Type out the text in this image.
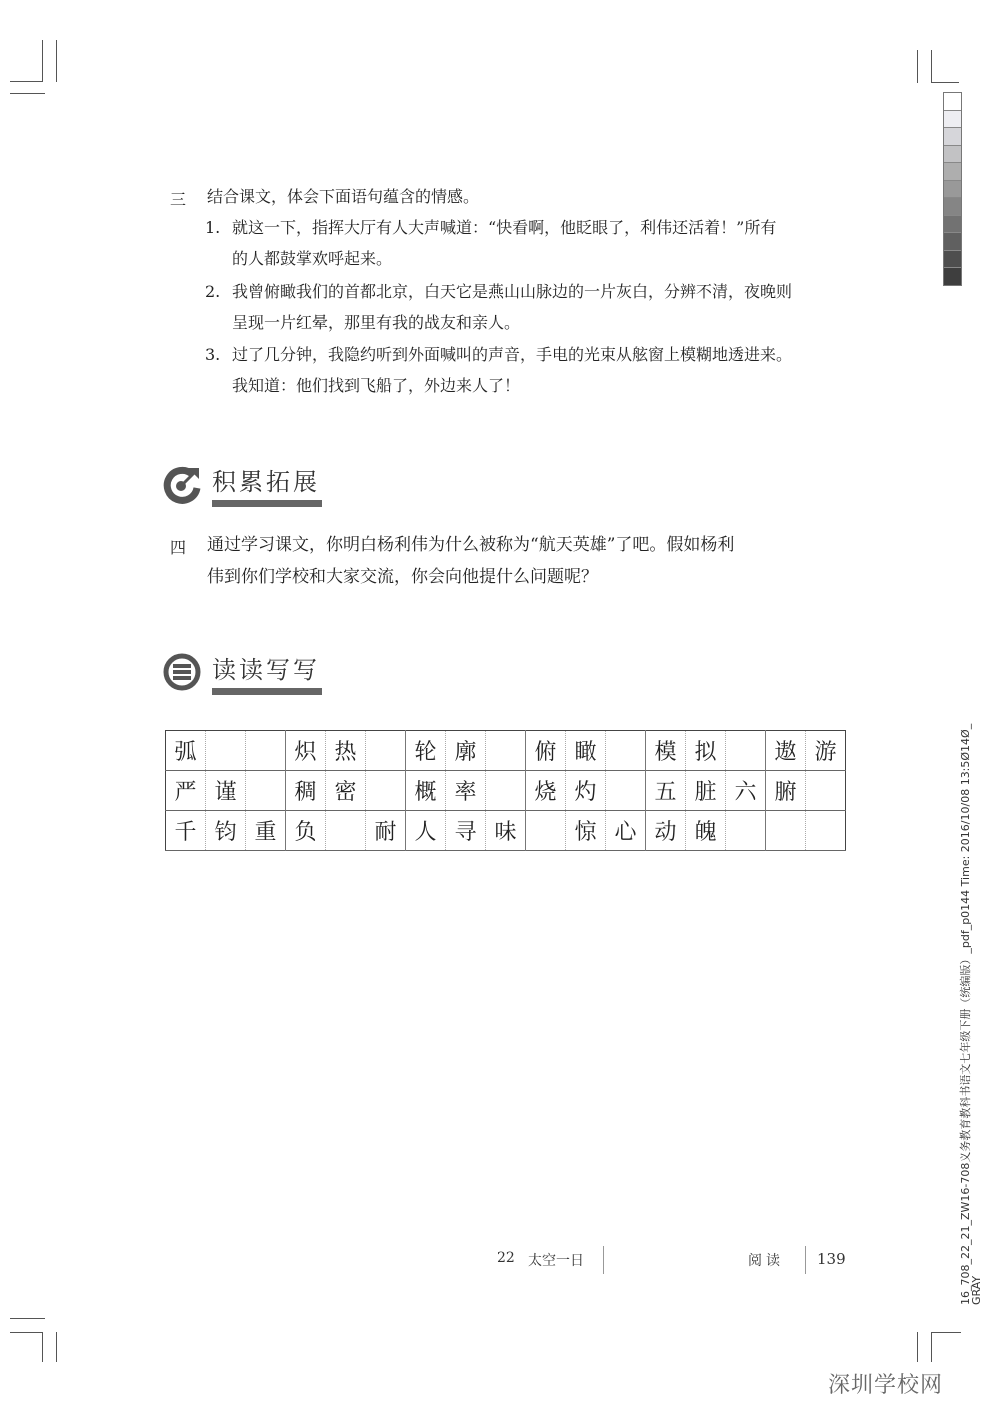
三 结合课文，体会下面语句蕴含的情感。
1. 就这一下，指挥大厅有人大声喊道：“快看啊，他眨眼了，利伟还活着！”所有
的人都鼓掌欢呼起来。
2. 我曾俯瞰我们的首都北京，白天它是燕山山脉边的一片灰白，分辨不清，夜晚则
呈现一片红晕，那里有我的战友和亲人。
3. 过了几分钟，我隐约听到外面喊叫的声音，手电的光束从舷窗上模糊地透进来。
我知道：他们找到飞船了，外边来人了！
积累拓展
四 通过学习课文，你明白杨利伟为什么被称为“航天英雄”了吧。假如杨利
伟到你们学校和大家交流，你会向他提什么问题呢？
读读写写
弧			炽	热		轮	廓		俯	瞰		模	拟		遨	游
严	谨		稠	密		概	率		烧	灼		五	脏	六	腑	
千	钧	重	负		耐	人	寻	味		惊	心	动	魄			
22 太空一日	阅读 139	16_708_22_21_ZW16-708义务教育教科书语文七年级下册（统编版）_pdf_p0144 Time: 2016/10/08 13:5Ø14Ø_
GRAY
深圳学校网
